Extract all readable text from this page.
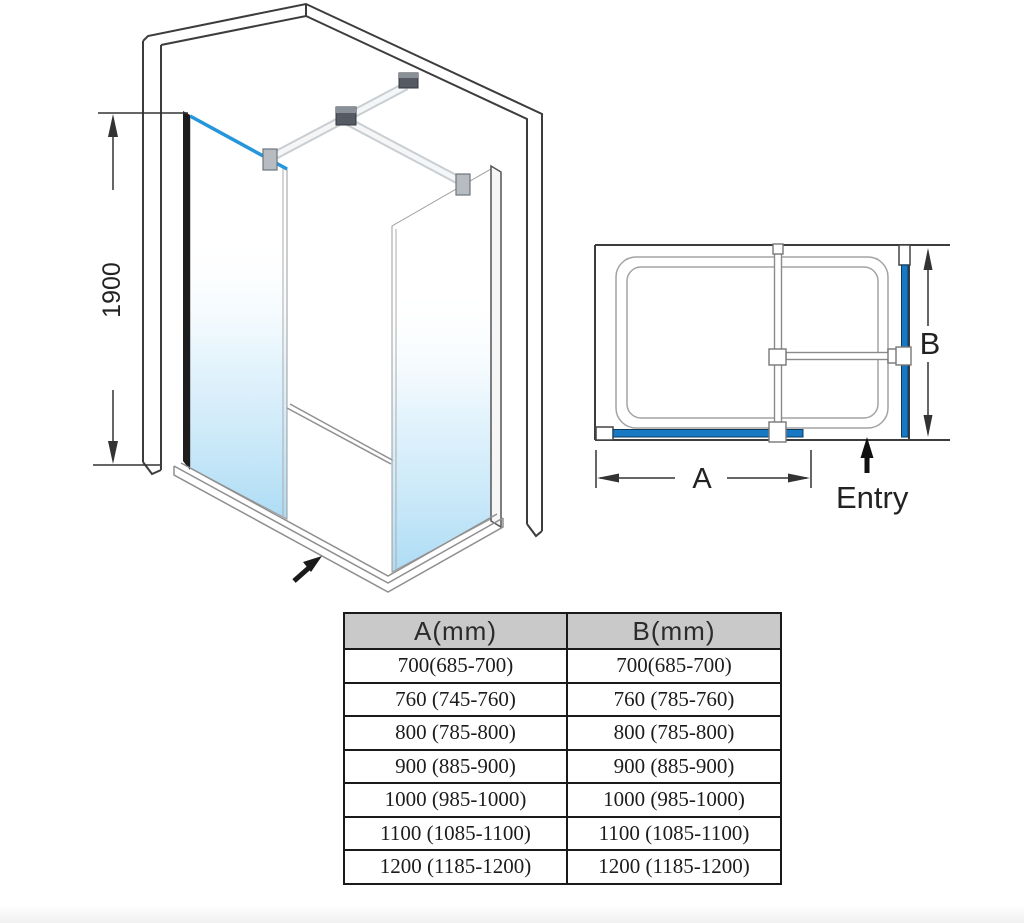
1900
A
B
Entry
A(mm)	B(mm)
700(685-700)	700(685-700)
760 (745-760)	760 (785-760)
800 (785-800)	800 (785-800)
900 (885-900)	900 (885-900)
1000 (985-1000)	1000 (985-1000)
1100 (1085-1100)	1100 (1085-1100)
1200 (1185-1200)	1200 (1185-1200)
